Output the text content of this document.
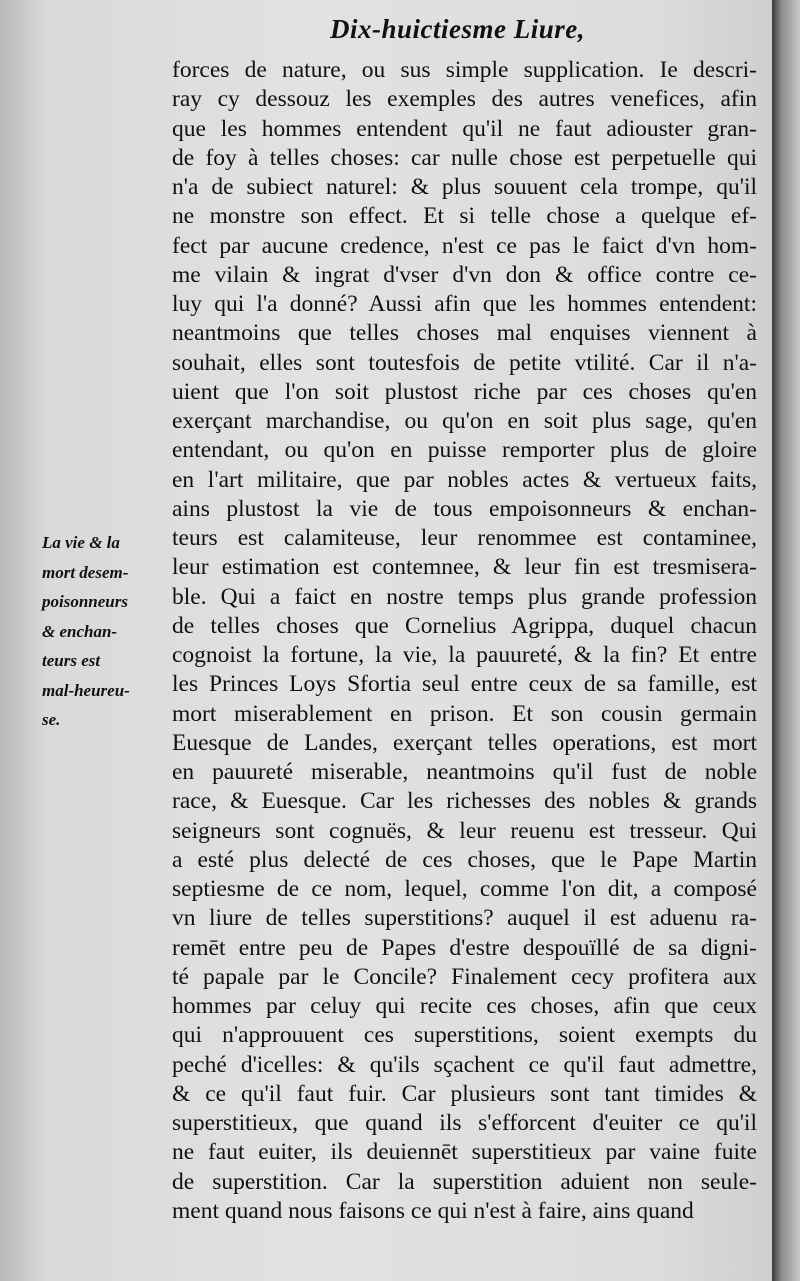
Dix-huictiesme Liure,
forces de nature, ou sus simple supplication. Ie descri-
ray cy dessouz les exemples des autres venefices, afin
que les hommes entendent qu'il ne faut adiouster gran-
de foy à telles choses: car nulle chose est perpetuelle qui
n'a de subiect naturel: & plus souuent cela trompe, qu'il
ne monstre son effect. Et si telle chose a quelque ef-
fect par aucune credence, n'est ce pas le faict d'vn hom-
me vilain & ingrat d'vser d'vn don & office contre ce-
luy qui l'a donné? Aussi afin que les hommes entendent:
neantmoins que telles choses mal enquises viennent à
souhait, elles sont toutesfois de petite vtilité. Car il n'a-
uient que l'on soit plustost riche par ces choses qu'en
exerçant marchandise, ou qu'on en soit plus sage, qu'en
entendant, ou qu'on en puisse remporter plus de gloire
en l'art militaire, que par nobles actes & vertueux faits,
ains plustost la vie de tous empoisonneurs & enchan-
teurs est calamiteuse, leur renommee est contaminee,
leur estimation est contemnee, & leur fin est tresmisera-
ble. Qui a faict en nostre temps plus grande profession
de telles choses que Cornelius Agrippa, duquel chacun
cognoist la fortune, la vie, la pauureté, & la fin? Et entre
les Princes Loys Sfortia seul entre ceux de sa famille, est
mort miserablement en prison. Et son cousin germain
Euesque de Landes, exerçant telles operations, est mort
en pauureté miserable, neantmoins qu'il fust de noble
race, & Euesque. Car les richesses des nobles & grands
seigneurs sont cognuës, & leur reuenu est tresseur. Qui
a esté plus delecté de ces choses, que le Pape Martin
septiesme de ce nom, lequel, comme l'on dit, a composé
vn liure de telles superstitions? auquel il est aduenu ra-
remēt entre peu de Papes d'estre despouïllé de sa digni-
té papale par le Concile? Finalement cecy profitera aux
hommes par celuy qui recite ces choses, afin que ceux
qui n'approuuent ces superstitions, soient exempts du
peché d'icelles: & qu'ils sçachent ce qu'il faut admettre,
& ce qu'il faut fuir. Car plusieurs sont tant timides &
superstitieux, que quand ils s'efforcent d'euiter ce qu'il
ne faut euiter, ils deuiennēt superstitieux par vaine fuite
de superstition. Car la superstition aduient non seule-
ment quand nous faisons ce qui n'est à faire, ains quand
La vie & la
mort desem-
poisonneurs
& enchan-
teurs est
mal-heureu-
se.
